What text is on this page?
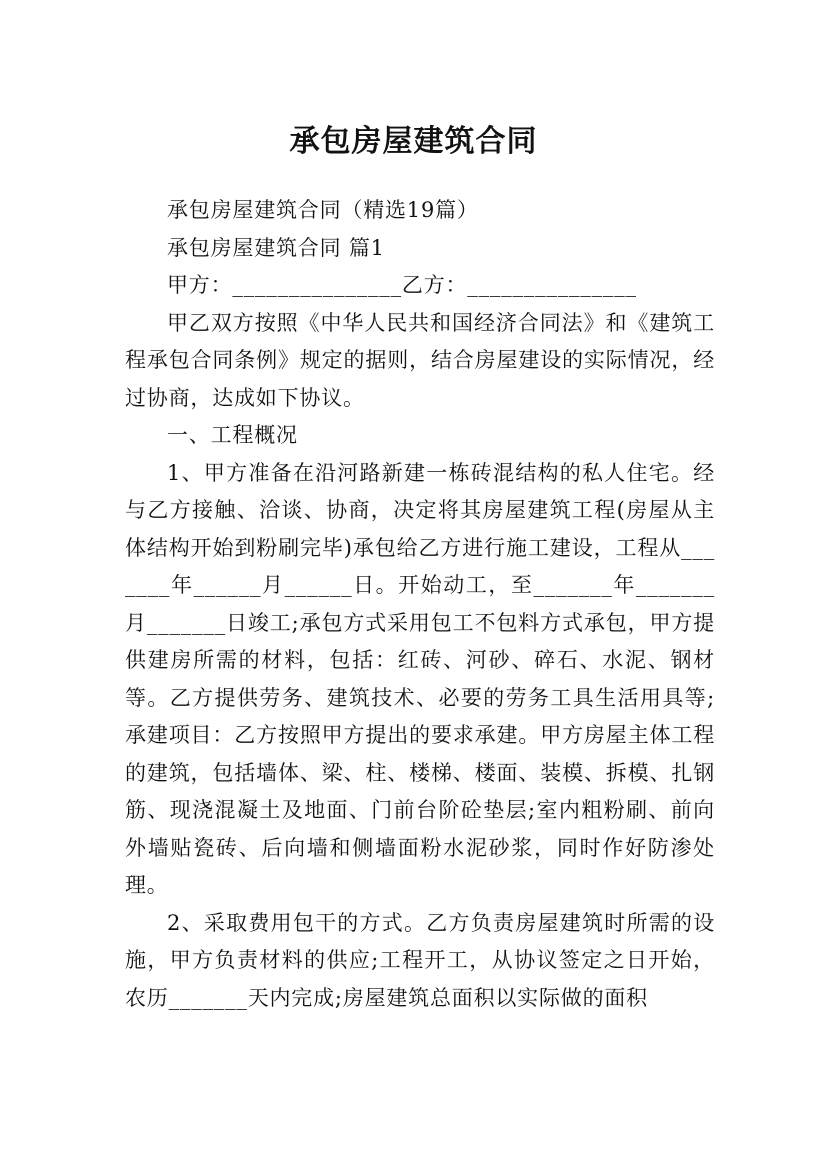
承包房屋建筑合同

承包房屋建筑合同（精选19篇）

承包房屋建筑合同 篇1

甲方：_______________乙方：_______________

甲乙双方按照《中华人民共和国经济合同法》和《建筑工程承包合同条例》规定的据则，结合房屋建设的实际情况，经过协商，达成如下协议。

一、工程概况

1、甲方准备在沿河路新建一栋砖混结构的私人住宅。经与乙方接触、洽谈、协商，决定将其房屋建筑工程(房屋从主体结构开始到粉刷完毕)承包给乙方进行施工建设，工程从_______年______月______日。开始动工，至_______年_______月_______日竣工;承包方式采用包工不包料方式承包，甲方提供建房所需的材料，包括：红砖、河砂、碎石、水泥、钢材等。乙方提供劳务、建筑技术、必要的劳务工具生活用具等;承建项目：乙方按照甲方提出的要求承建。甲方房屋主体工程的建筑，包括墙体、梁、柱、楼梯、楼面、装模、拆模、扎钢筋、现浇混凝土及地面、门前台阶砼垫层;室内粗粉刷、前向外墙贴瓷砖、后向墙和侧墙面粉水泥砂浆，同时作好防渗处理。

2、采取费用包干的方式。乙方负责房屋建筑时所需的设施，甲方负责材料的供应;工程开工，从协议签定之日开始，农历_______天内完成;房屋建筑总面积以实际做的面积
